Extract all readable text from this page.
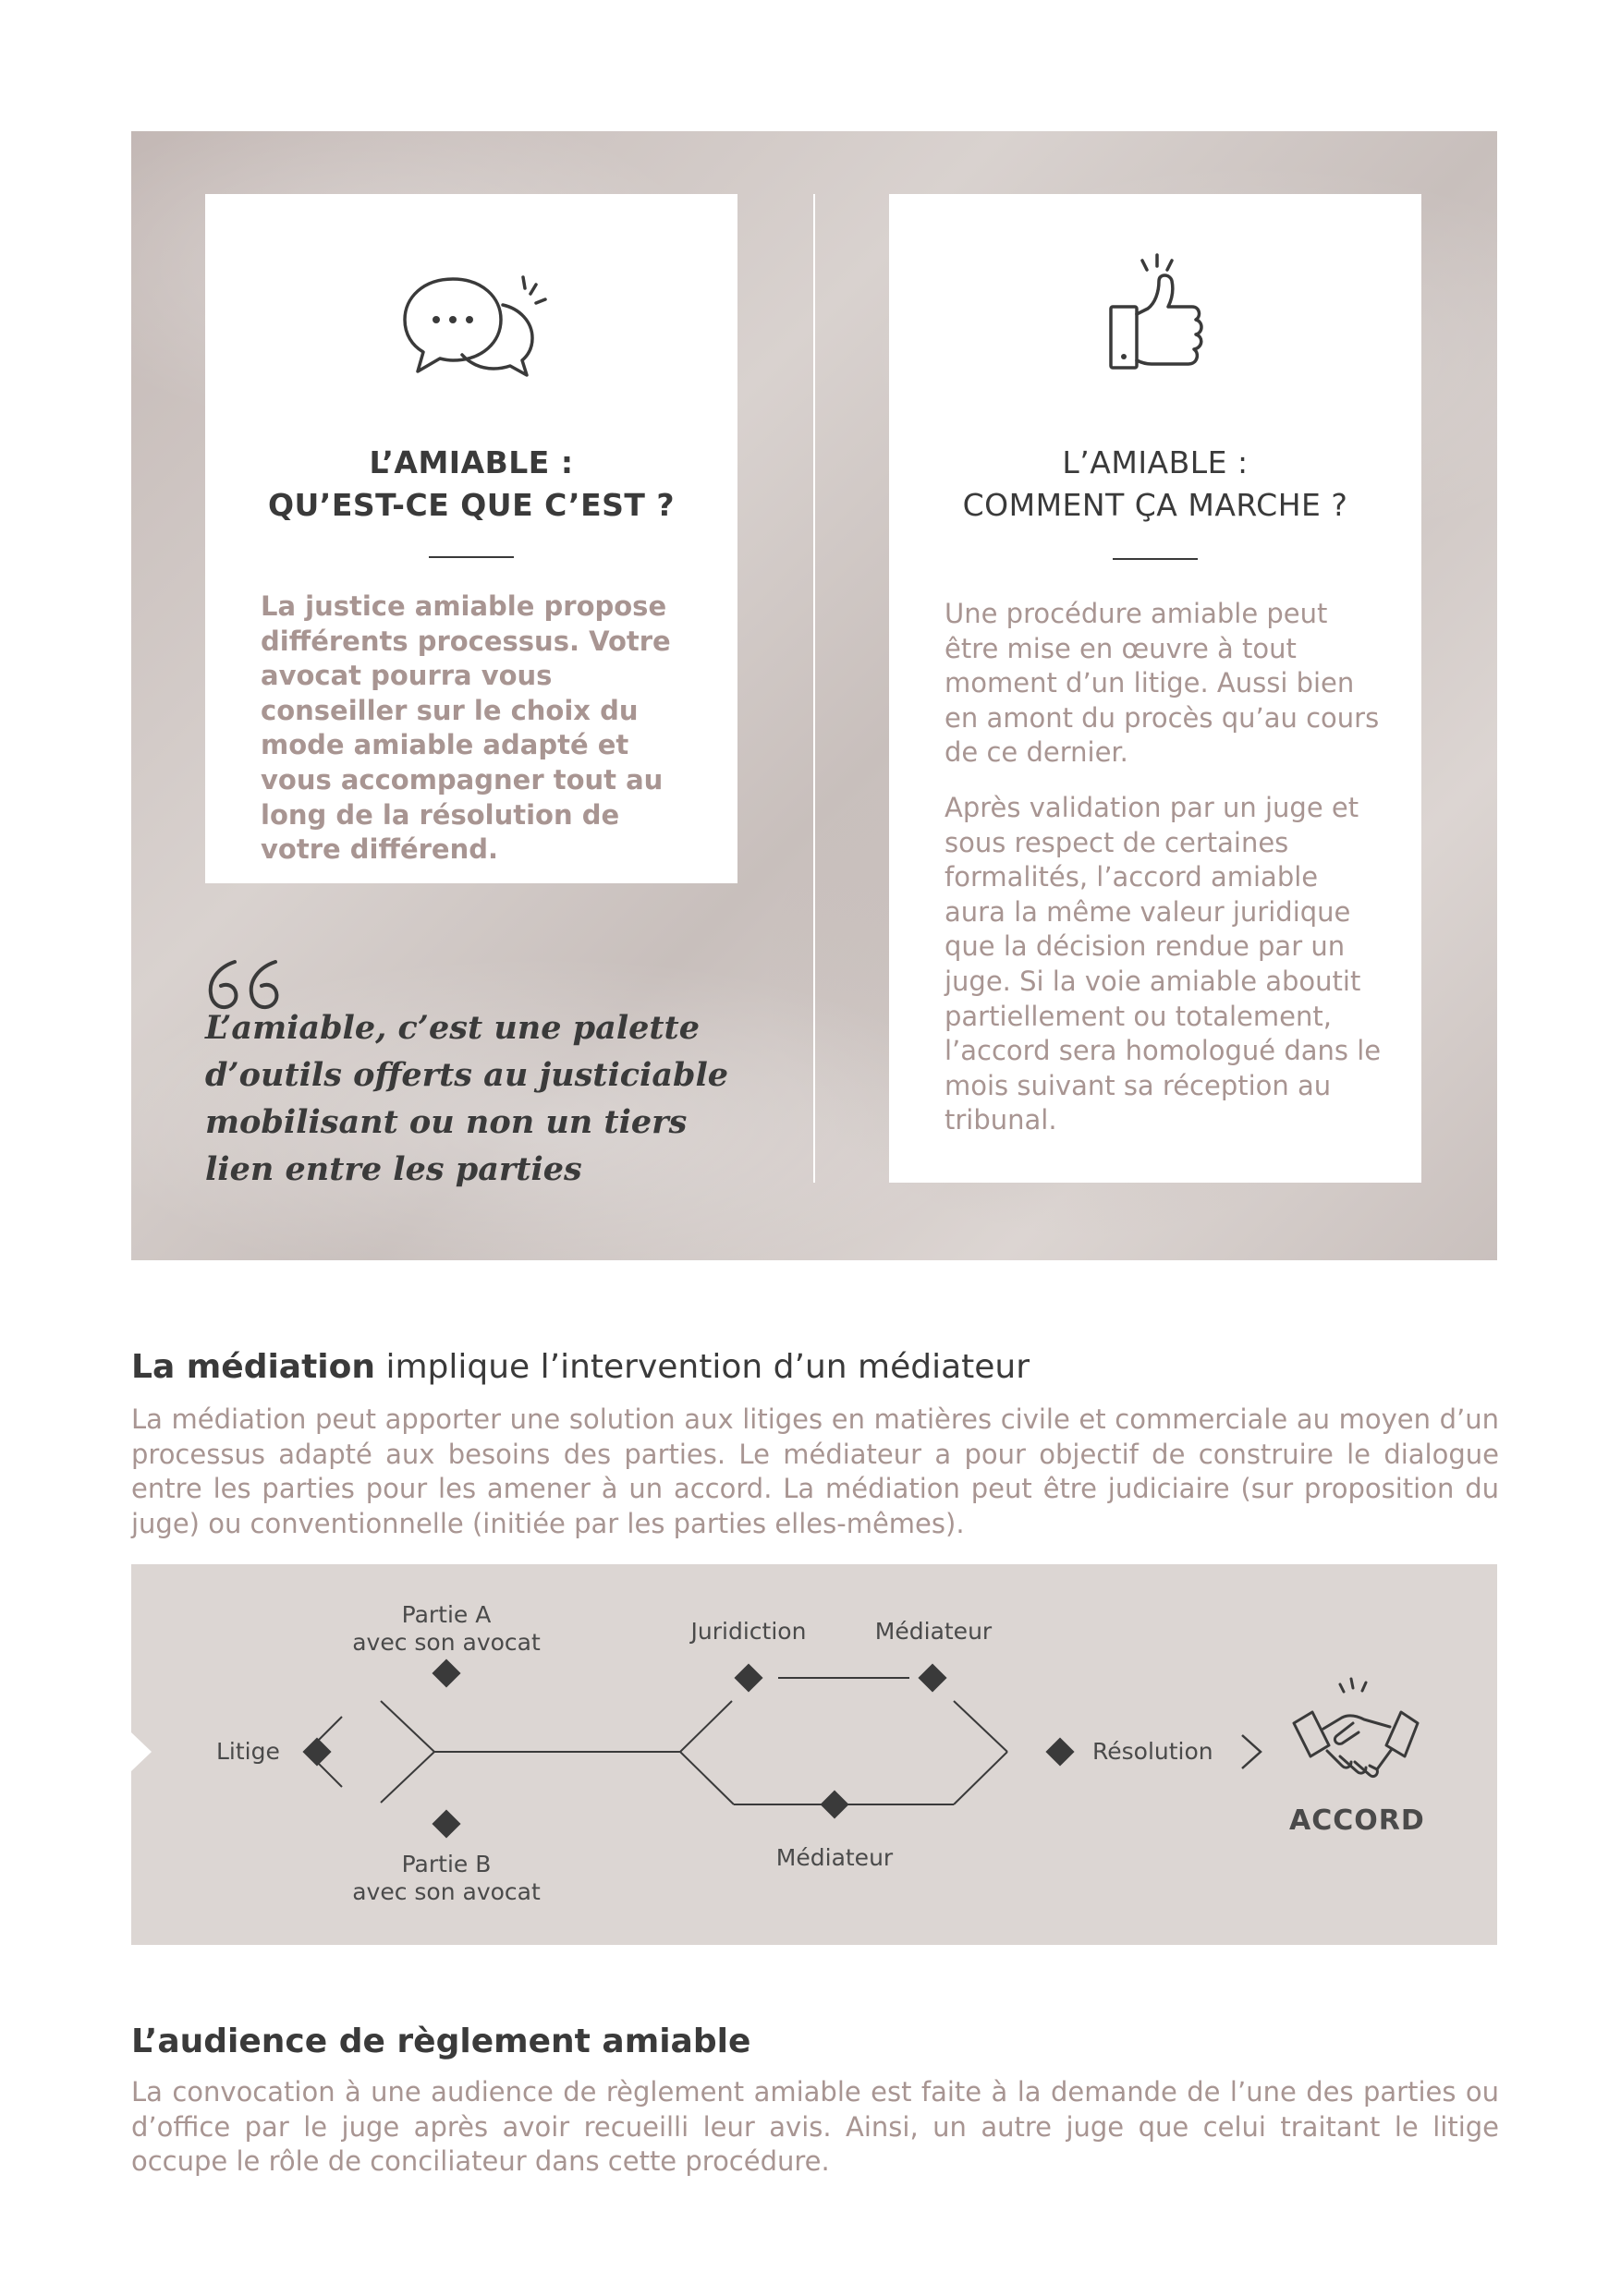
L’AMIABLE :
QU’EST-CE QUE C’EST ?

La justice amiable propose différents processus. Votre avocat pourra vous conseiller sur le choix du mode amiable adapté et vous accompagner tout au long de la résolution de votre différend.

L’amiable, c’est une palette d’outils offerts au justiciable mobilisant ou non un tiers lien entre les parties
L’AMIABLE :
COMMENT ÇA MARCHE ?

Une procédure amiable peut être mise en œuvre à tout moment d’un litige. Aussi bien en amont du procès qu’au cours de ce dernier.

Après validation par un juge et sous respect de certaines formalités, l’accord amiable aura la même valeur juridique que la décision rendue par un juge. Si la voie amiable aboutit partiellement ou totalement, l’accord sera homologué dans le mois suivant sa réception au tribunal.

La médiation implique l’intervention d’un médiateur
La médiation peut apporter une solution aux litiges en matières civile et commerciale au moyen d’un processus adapté aux besoins des parties. Le médiateur a pour objectif de construire le dialogue entre les parties pour les amener à un accord. La médiation peut être judiciaire (sur proposition du juge) ou conventionnelle (initiée par les parties elles-mêmes).
Litige
Partie A
avec son avocat
Partie B
avec son avocat
Juridiction	Médiateur
Médiateur
Résolution
ACCORD
L’audience de règlement amiable
La convocation à une audience de règlement amiable est faite à la demande de l’une des parties ou d’office par le juge après avoir recueilli leur avis. Ainsi, un autre juge que celui traitant le litige occupe le rôle de conciliateur dans cette procédure.
